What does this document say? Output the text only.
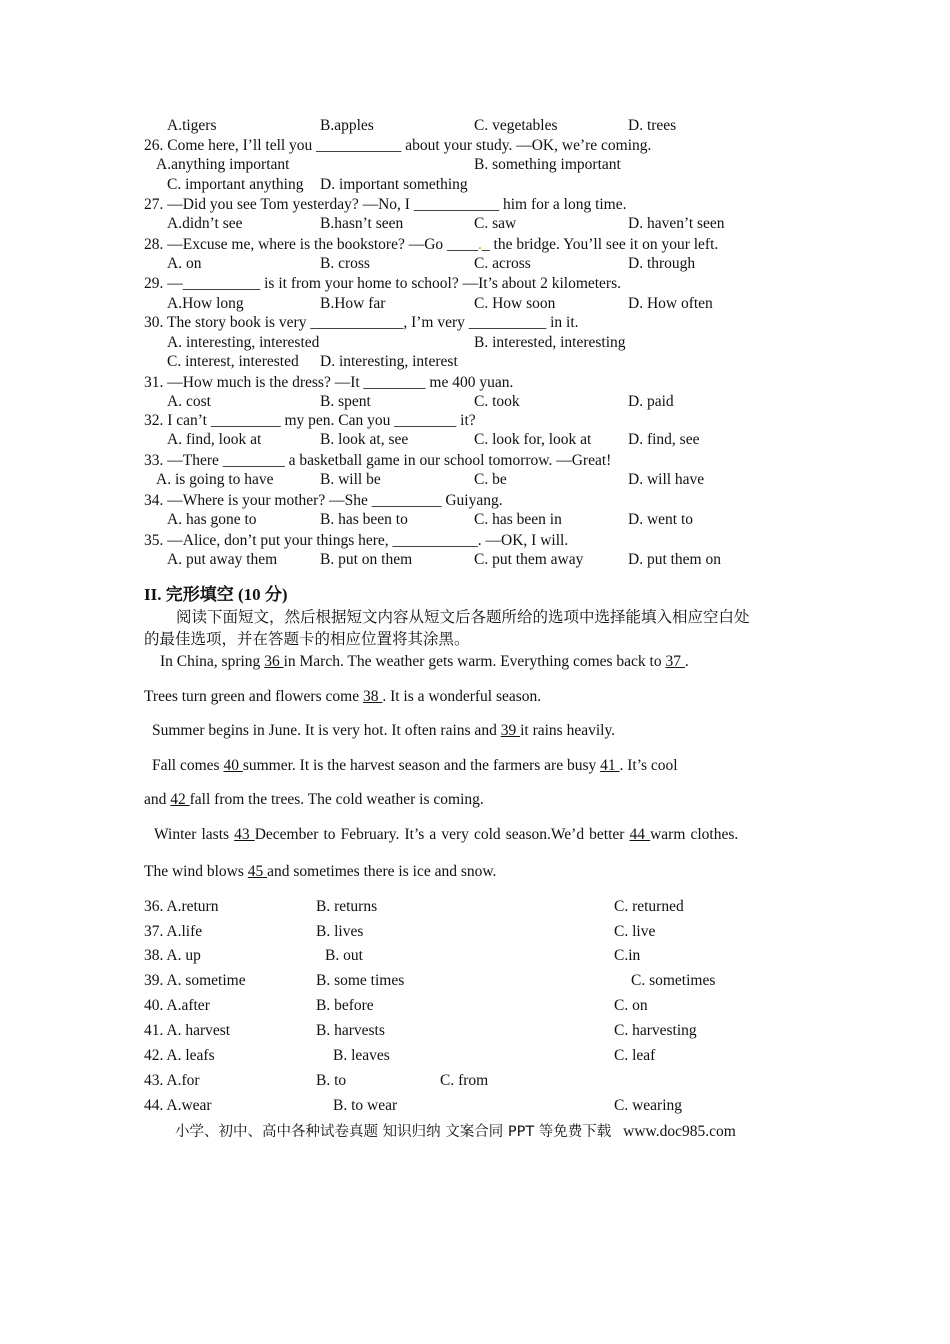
A.tigers	B.apples	C. vegetables	D. trees
26. Come here, I’ll tell you ___________ about your study. —OK, we’re coming.
A.anything important	B. something important
C. important anything D. important something
27. —Did you see Tom yesterday? —No, I ___________ him for a long time.
A.didn’t see	B.hasn’t seen	C. saw	D. haven’t seen
28. —Excuse me, where is the bookstore? —Go ____._ the bridge. You’ll see it on your left.
A. on	B. cross	C. across	D. through
29. —__________ is it from your home to school? —It’s about 2 kilometers.
A.How long	B.How far	C. How soon	D. How often
30. The story book is very ____________, I’m very __________ in it.
A. interesting, interested	B. interested, interesting
C. interest, interested D. interesting, interest
31. —How much is the dress? —It ________ me 400 yuan.
A. cost	B. spent	C. took	D. paid
32. I can’t _________ my pen. Can you ________ it?
A. find, look at	B. look at, see	C. look for, look at D. find, see
33. —There ________ a basketball game in our school tomorrow. —Great!
A. is going to have	B. will be	C. be	D. will have
34. —Where is your mother? —She _________ Guiyang.
A. has gone to	B. has been to	C. has been in	D. went to
35. —Alice, don’t put your things here, ___________. —OK, I will.
A. put away them	B. put on them	C. put them away	D. put them on
II. 完形填空 (10 分)
阅读下面短文，然后根据短文内容从短文后各题所给的选项中选择能填入相应空白处
的最佳选项，并在答题卡的相应位置将其涂黑。
In China, spring 36 in March. The weather gets warm. Everything comes back to 37 .
Trees turn green and flowers come 38 . It is a wonderful season.
Summer begins in June. It is very hot. It often rains and 39 it rains heavily.
Fall comes 40 summer. It is the harvest season and the farmers are busy 41 . It’s cool
and 42 fall from the trees. The cold weather is coming.
Winter lasts 43 December to February. It’s a very cold season.We’d better 44 warm clothes.
The wind blows 45 and sometimes there is ice and snow.
36. A.return	B. returns	C. returned
37. A.life	B. lives	C. live
38. A. up	B. out	C.in
39. A. sometime	B. some times	C. sometimes
40. A.after	B. before	C. on
41. A. harvest	B. harvests	C. harvesting
42. A. leafs	B. leaves	C. leaf
43. A.for	B. to	C. from
44. A.wear	B. to wear	C. wearing
小学、初中、高中各种试卷真题 知识归纳 文案合同 PPT 等免费下载 www.doc985.com
